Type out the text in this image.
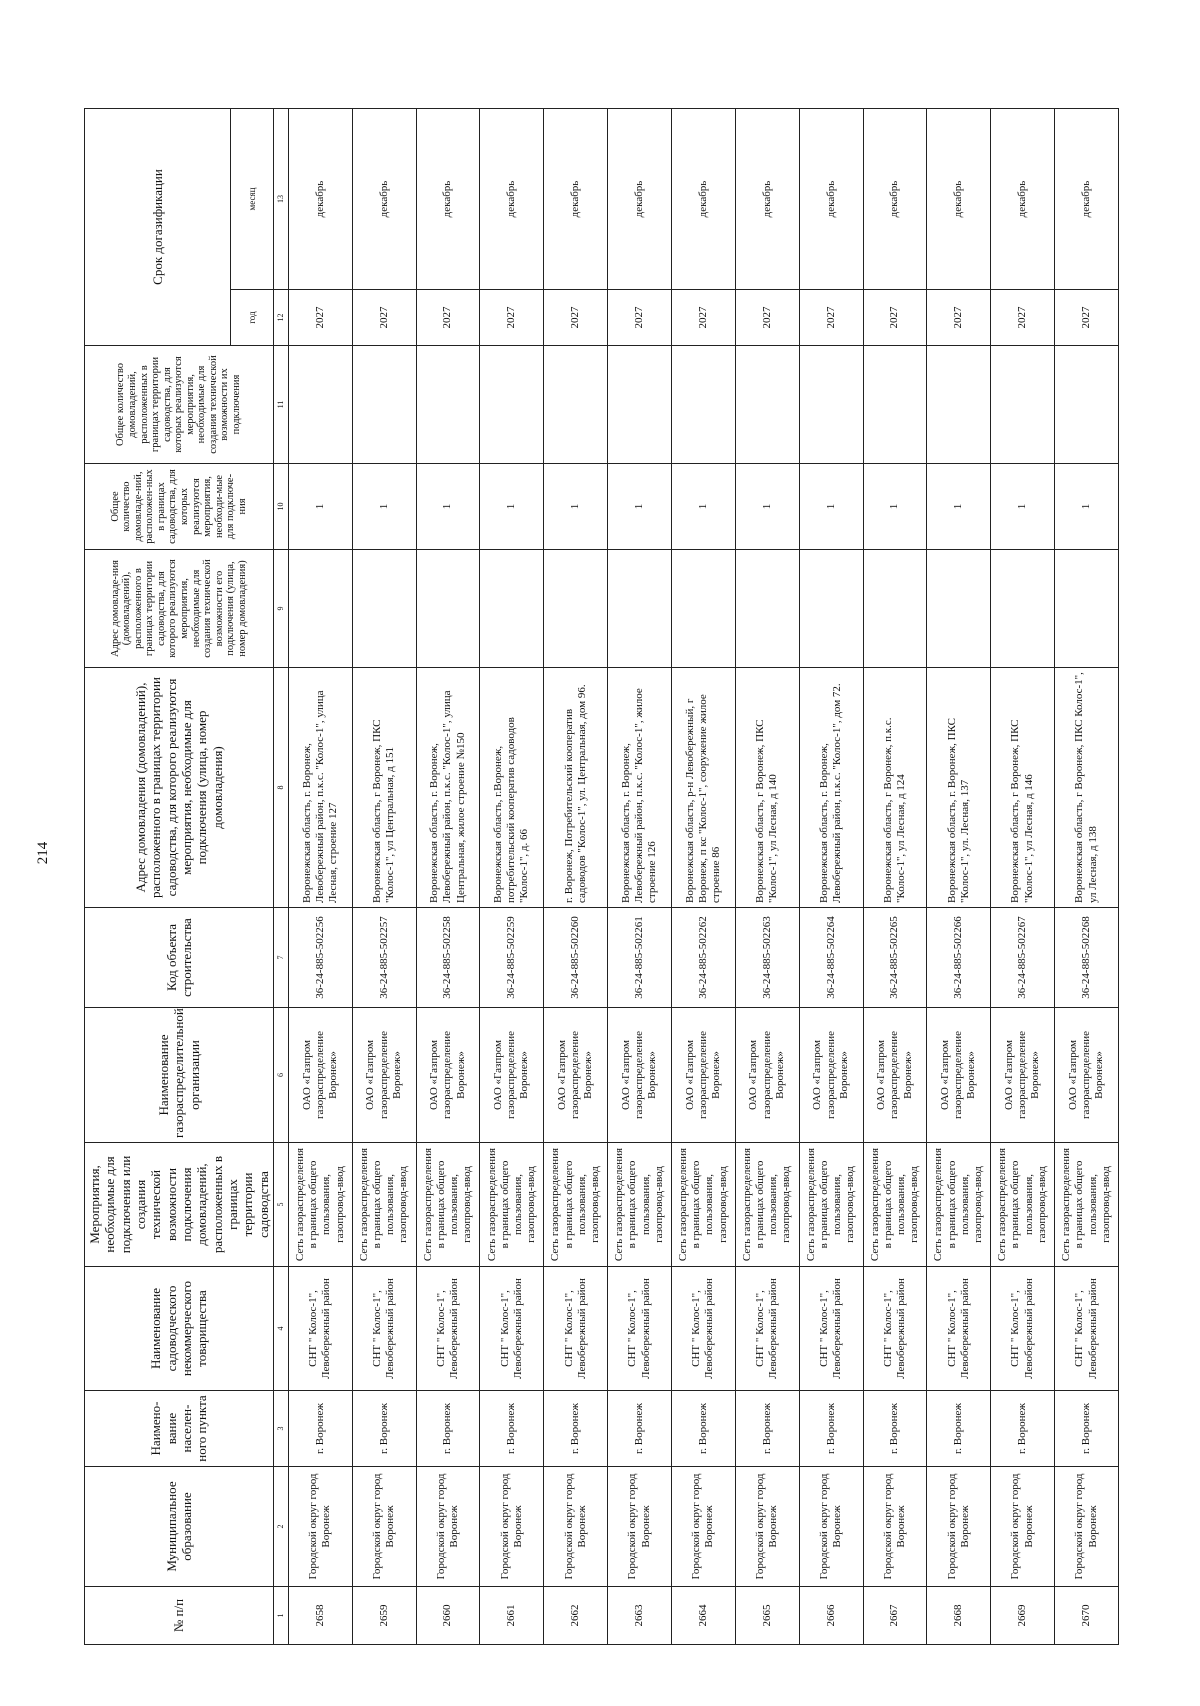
214
№ п/п	Муниципальное образование	Наимено-вание населен-ного пункта	Наименование садоводческого некоммерческого товарищества	Мероприятия, необходимые для подключения или создания технической возможности подключения домовладений, расположенных в границах территории садоводства	Наименование газораспределительной организации	Код объекта строительства	Адрес домовладения (домовладений), расположенного в границах территории садоводства, для которого реализуются мероприятия, необходимые для подключения (улица, номер домовладения)	Адрес домовладе-ния (домовладений), расположенного в границах территории садоводства, для которого реализуются мероприятия, необходимые для создания технической возможности его подключения (улица, номер домовладения)	Общее количество домовладе-ний, расположен-ных в границах садоводства, для которых реализуются мероприятия, необходи-мые для подключе-ния	Общее количество домовладений, расположенных в границах территории садоводства, для которых реализуются мероприятия, необходимые для создания технической возможности их подключения	Срок догазификации	
											год	месяц
1	2	3	4	5	6	7	8	9	10	11	12	13
2658	Городской округ город Воронеж	г. Воронеж	СНТ " Колос-1", Левобережный район	Сеть газораспределения в границах общего пользования, газопровод-ввод	ОАО «Газпром газораспределение Воронеж»	36-24-885-502256	Воронежская область, г. Воронеж, Левобережный район, п.к.с. "Колос-1", улица Лесная, строение 127		1		2027	декабрь
2659	Городской округ город Воронеж	г. Воронеж	СНТ " Колос-1", Левобережный район	Сеть газораспределения в границах общего пользования, газопровод-ввод	ОАО «Газпром газораспределение Воронеж»	36-24-885-502257	Воронежская область, г Воронеж, ПКС "Колос-1", ул Центральная, д 151		1		2027	декабрь
2660	Городской округ город Воронеж	г. Воронеж	СНТ " Колос-1", Левобережный район	Сеть газораспределения в границах общего пользования, газопровод-ввод	ОАО «Газпром газораспределение Воронеж»	36-24-885-502258	Воронежская область, г. Воронеж, Левобережный район, п.к.с. "Колос-1", улица Центральная, жилое строение №150		1		2027	декабрь
2661	Городской округ город Воронеж	г. Воронеж	СНТ " Колос-1", Левобережный район	Сеть газораспределения в границах общего пользования, газопровод-ввод	ОАО «Газпром газораспределение Воронеж»	36-24-885-502259	Воронежская область, г.Воронеж, потребительский кооператив садоводов "Колос-1", д. 66		1		2027	декабрь
2662	Городской округ город Воронеж	г. Воронеж	СНТ " Колос-1", Левобережный район	Сеть газораспределения в границах общего пользования, газопровод-ввод	ОАО «Газпром газораспределение Воронеж»	36-24-885-502260	г. Воронеж, Потребительский кооператив садоводов "Колос-1", ул. Центральная, дом 96.		1		2027	декабрь
2663	Городской округ город Воронеж	г. Воронеж	СНТ " Колос-1", Левобережный район	Сеть газораспределения в границах общего пользования, газопровод-ввод	ОАО «Газпром газораспределение Воронеж»	36-24-885-502261	Воронежская область, г. Воронеж, Левобережный район, п.к.с. "Колос-1", жилое строение 126		1		2027	декабрь
2664	Городской округ город Воронеж	г. Воронеж	СНТ " Колос-1", Левобережный район	Сеть газораспределения в границах общего пользования, газопровод-ввод	ОАО «Газпром газораспределение Воронеж»	36-24-885-502262	Воронежская область, р-н Левобережный, г Воронеж, п кс "Колос-1", сооружение жилое строение 86		1		2027	декабрь
2665	Городской округ город Воронеж	г. Воронеж	СНТ " Колос-1", Левобережный район	Сеть газораспределения в границах общего пользования, газопровод-ввод	ОАО «Газпром газораспределение Воронеж»	36-24-885-502263	Воронежская область, г Воронеж, ПКС "Колос-1", ул Лесная, д 140		1		2027	декабрь
2666	Городской округ город Воронеж	г. Воронеж	СНТ " Колос-1", Левобережный район	Сеть газораспределения в границах общего пользования, газопровод-ввод	ОАО «Газпром газораспределение Воронеж»	36-24-885-502264	Воронежская область, г. Воронеж, Левобережный район, п.к.с. "Колос-1", дом 72.		1		2027	декабрь
2667	Городской округ город Воронеж	г. Воронеж	СНТ " Колос-1", Левобережный район	Сеть газораспределения в границах общего пользования, газопровод-ввод	ОАО «Газпром газораспределение Воронеж»	36-24-885-502265	Воронежская область, г Воронеж, п.к.с. "Колос-1", ул Лесная, д 124		1		2027	декабрь
2668	Городской округ город Воронеж	г. Воронеж	СНТ " Колос-1", Левобережный район	Сеть газораспределения в границах общего пользования, газопровод-ввод	ОАО «Газпром газораспределение Воронеж»	36-24-885-502266	Воронежская область, г. Воронеж, ПКС "Колос-1", ул. Лесная, 137		1		2027	декабрь
2669	Городской округ город Воронеж	г. Воронеж	СНТ " Колос-1", Левобережный район	Сеть газораспределения в границах общего пользования, газопровод-ввод	ОАО «Газпром газораспределение Воронеж»	36-24-885-502267	Воронежская область, г Воронеж, ПКС "Колос-1", ул Лесная, д 146		1		2027	декабрь
2670	Городской округ город Воронеж	г. Воронеж	СНТ " Колос-1", Левобережный район	Сеть газораспределения в границах общего пользования, газопровод-ввод	ОАО «Газпром газораспределение Воронеж»	36-24-885-502268	Воронежская область, г Воронеж, ПКС Колос-1", ул Лесная, д 138		1		2027	декабрь
